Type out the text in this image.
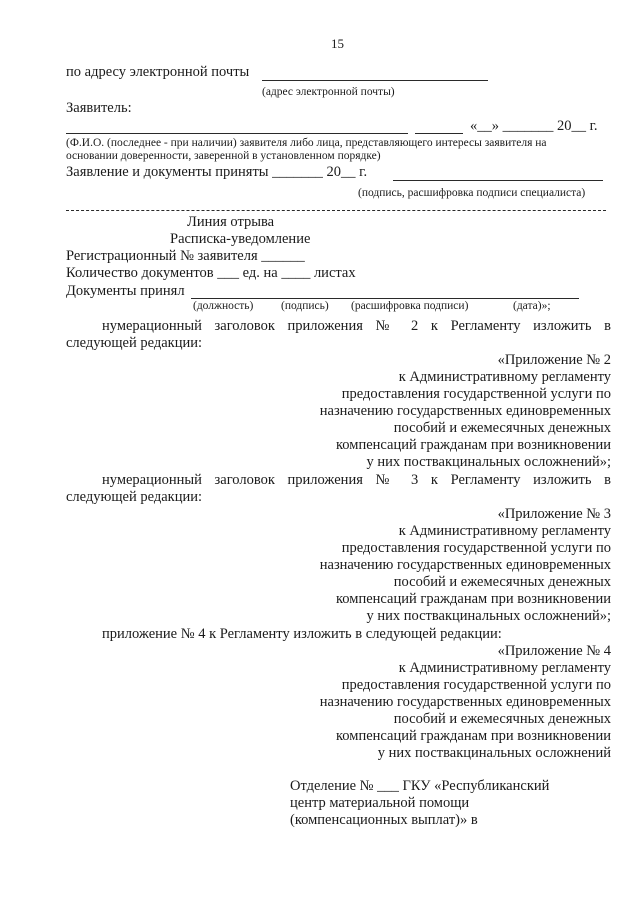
15
по адресу электронной почты
(адрес электронной почты)
Заявитель:
«__» _______ 20__ г.
(Ф.И.О. (последнее - при наличии) заявителя либо лица, представляющего интересы заявителя на
основании доверенности, заверенной в установленном порядке)
Заявление и документы приняты _______ 20__ г.
(подпись, расшифровка подписи специалиста)
Линия отрыва
Расписка-уведомление
Регистрационный № заявителя ______
Количество документов ___ ед. на ____ листах
Документы принял
(должность) (подпись) (расшифровка подписи)	(дата)»;
нумерационный заголовок приложения № 2 к Регламенту изложить в
следующей редакции:
«Приложение № 2
к Административному регламенту
предоставления государственной услуги по
назначению государственных единовременных
пособий и ежемесячных денежных
компенсаций гражданам при возникновении
у них поствакцинальных осложнений»;
нумерационный заголовок приложения № 3 к Регламенту изложить в
следующей редакции:
«Приложение № 3
к Административному регламенту
предоставления государственной услуги по
назначению государственных единовременных
пособий и ежемесячных денежных
компенсаций гражданам при возникновении
у них поствакцинальных осложнений»;
приложение № 4 к Регламенту изложить в следующей редакции:
«Приложение № 4
к Административному регламенту
предоставления государственной услуги по
назначению государственных единовременных
пособий и ежемесячных денежных
компенсаций гражданам при возникновении
у них поствакцинальных осложнений
Отделение № ___ ГКУ «Республиканский
центр материальной помощи
(компенсационных выплат)» в
